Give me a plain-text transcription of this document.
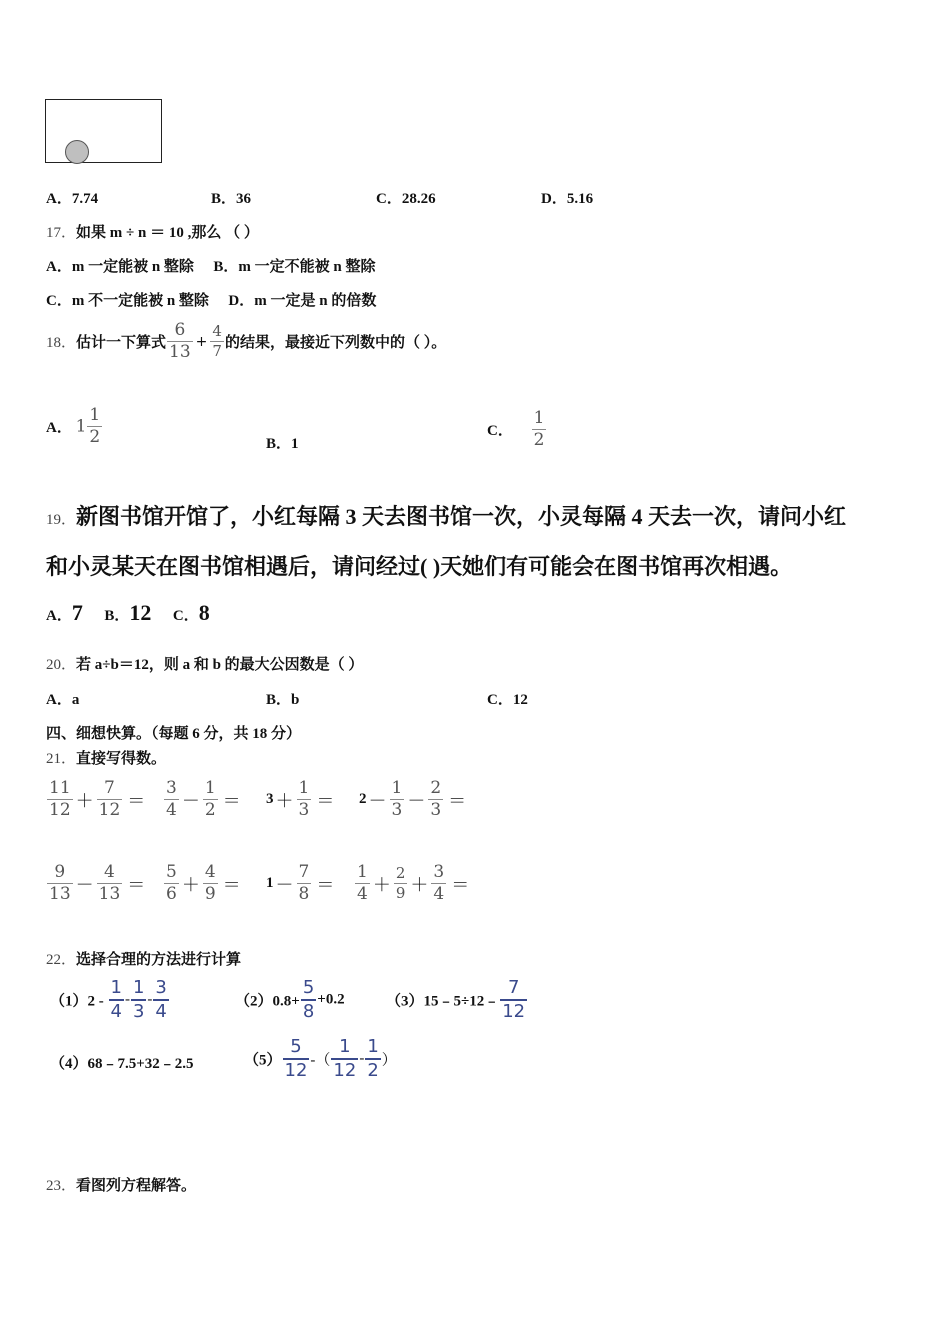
A．7.74	B．36	C．28.26	D．5.16
17．如果 m ÷ n ＝ 10 ,那么 （ ）
A．m 一定能被 n 整除 B．m 一定不能被 n 整除
C．m 不一定能被 n 整除 D．m 一定是 n 的倍数
18．估计一下算式 $\frac{6}{13} + \frac{4}{7}$ 的结果，最接近下列数中的（ ）。
A． $1 \frac{1}{2}$	B．1
C． $\frac{1}{2}$
19．新图书馆开馆了，小红每隔 3 天去图书馆一次，小灵每隔 4 天去一次，请问小红
和小灵某天在图书馆相遇后，请问经过( )天她们有可能会在图书馆再次相遇。
A．7 B．12 C．8
20．若 a÷b＝12，则 a 和 b 的最大公因数是（ ）
A．a	B．b	C．12
四、细想快算。（每题 6 分，共 18 分）
21．直接写得数。
$\frac{11}{12} + \frac{7}{12} = \frac{3}{4} - \frac{1}{2} = 3 + \frac{1}{3} = 2 - \frac{1}{3} - \frac{2}{3}$ ＝
$\frac{9}{13} - \frac{4}{13} = \frac{5}{6} + \frac{4}{9} = 1 - \frac{7}{8} = \frac{1}{4} + \frac{2}{9} + \frac{3}{4}$ ＝
22．选择合理的方法进行计算
$(1)2 - \frac{1}{4} - \frac{1}{3} - \frac{3}{4}$	$(2)0.8+ \frac{5}{8} +0.2$	（3）15﹣5÷12﹣ $\frac{7}{12}$
（4）68﹣7.5+32﹣2.5	$(5) \frac{5}{12}$ -（ $\frac{1}{12} - \frac{1}{2}$ ）
23．看图列方程解答。
